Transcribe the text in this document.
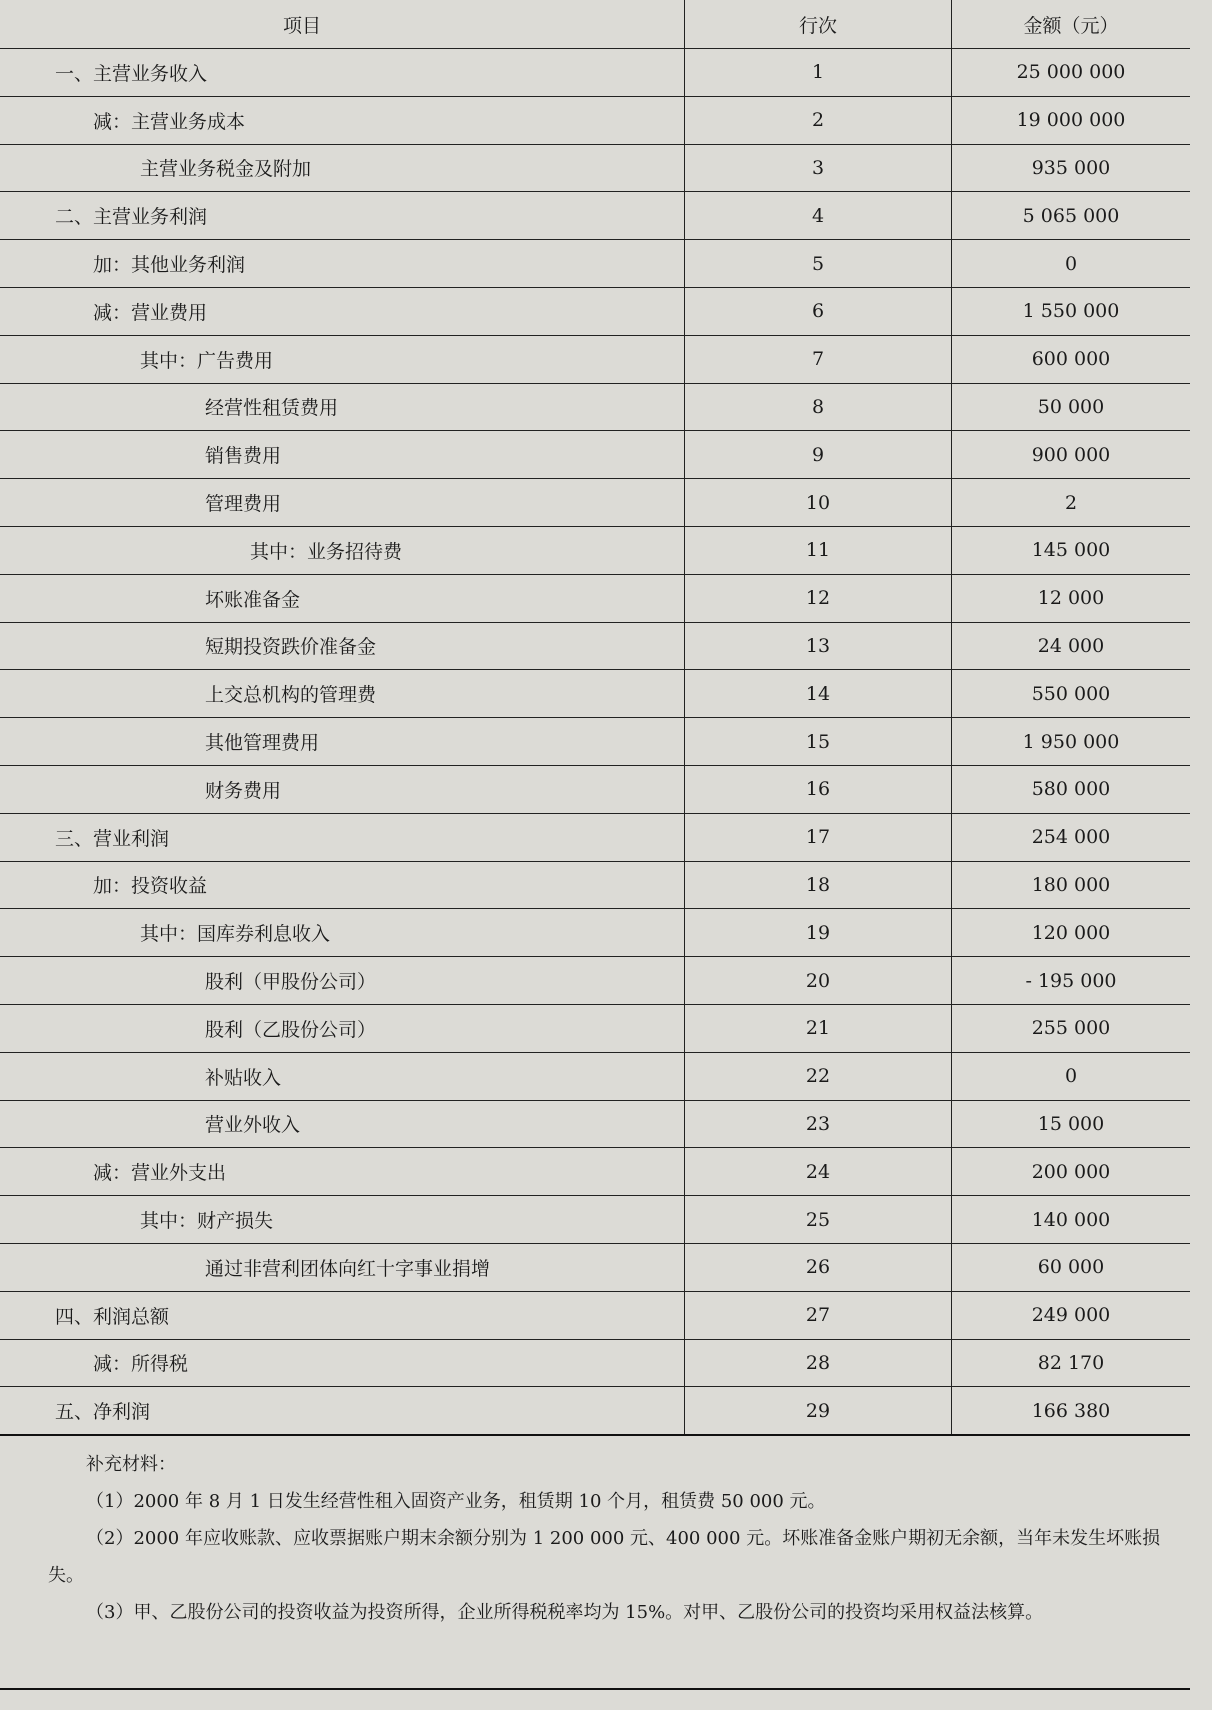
项目	行次	金额（元）
一、主营业务收入	1	25 000 000
减：主营业务成本	2	19 000 000
主营业务税金及附加	3	935 000
二、主营业务利润	4	5 065 000
加：其他业务利润	5	0
减：营业费用	6	1 550 000
其中：广告费用	7	600 000
经营性租赁费用	8	50 000
销售费用	9	900 000
管理费用	10	2
其中：业务招待费	11	145 000
坏账准备金	12	12 000
短期投资跌价准备金	13	24 000
上交总机构的管理费	14	550 000
其他管理费用	15	1 950 000
财务费用	16	580 000
三、营业利润	17	254 000
加：投资收益	18	180 000
其中：国库券利息收入	19	120 000
股利（甲股份公司）	20	- 195 000
股利（乙股份公司）	21	255 000
补贴收入	22	0
营业外收入	23	15 000
减：营业外支出	24	200 000
其中：财产损失	25	140 000
通过非营利团体向红十字事业捐增	26	60 000
四、利润总额	27	249 000
减：所得税	28	82 170
五、净利润	29	166 380

补充材料：

（1）2000 年 8 月 1 日发生经营性租入固资产业务，租赁期 10 个月，租赁费 50 000 元。

（2）2000 年应收账款、应收票据账户期末余额分别为 1 200 000 元、400 000 元。坏账准备金账户期初无余额，当年未发生坏账损失。

（3）甲、乙股份公司的投资收益为投资所得，企业所得税税率均为 15%。对甲、乙股份公司的投资均采用权益法核算。
